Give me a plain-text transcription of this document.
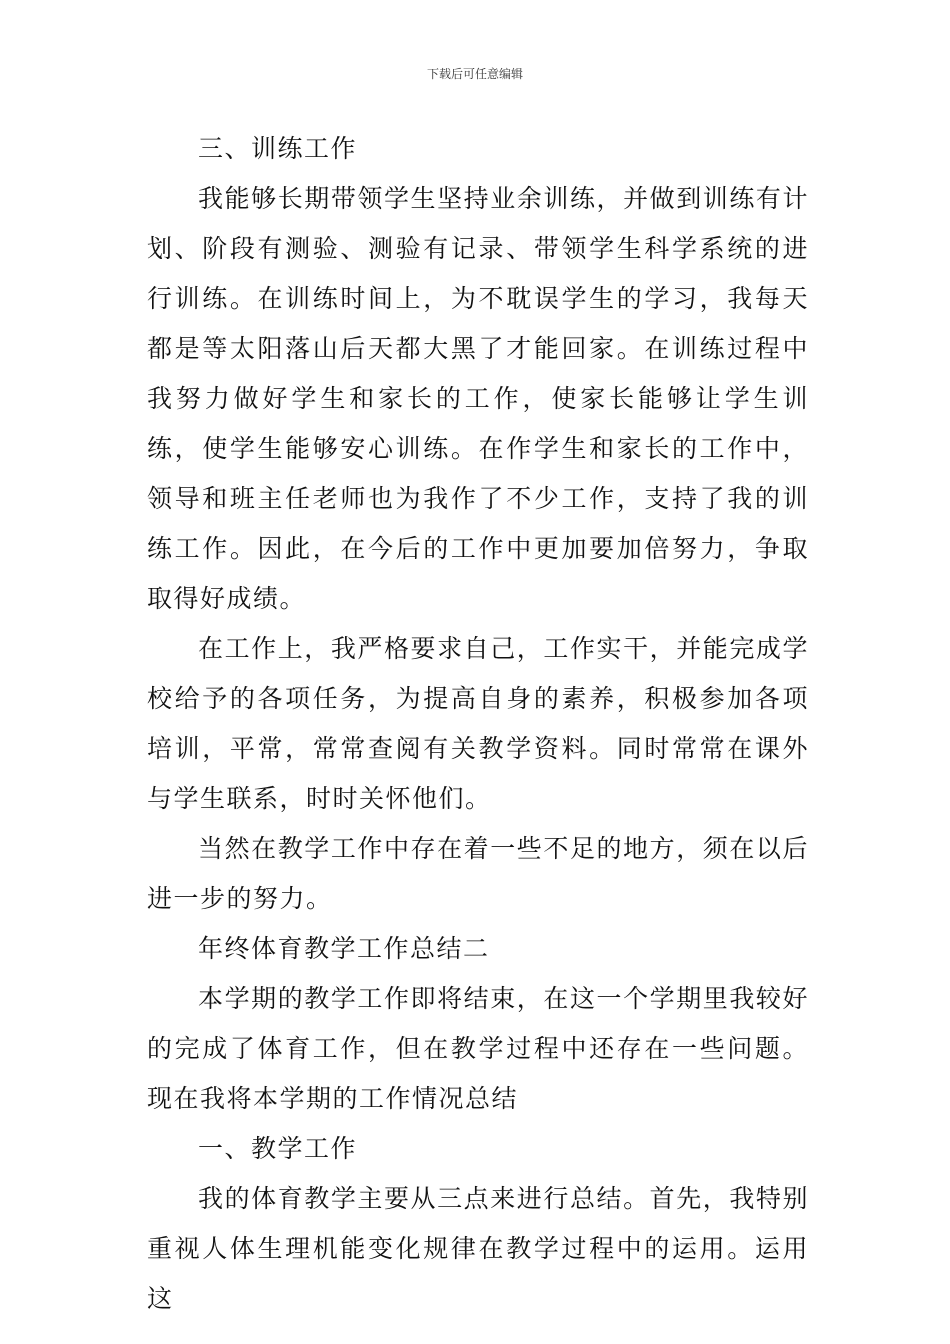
下载后可任意编辑

三、训练工作

我能够长期带领学生坚持业余训练，并做到训练有计划、阶段有测验、测验有记录、带领学生科学系统的进行训练。在训练时间上，为不耽误学生的学习，我每天都是等太阳落山后天都大黑了才能回家。在训练过程中我努力做好学生和家长的工作，使家长能够让学生训练，使学生能够安心训练。在作学生和家长的工作中，领导和班主任老师也为我作了不少工作，支持了我的训练工作。因此，在今后的工作中更加要加倍努力，争取取得好成绩。

在工作上，我严格要求自己，工作实干，并能完成学校给予的各项任务，为提高自身的素养，积极参加各项培训，平常，常常查阅有关教学资料。同时常常在课外与学生联系，时时关怀他们。

当然在教学工作中存在着一些不足的地方，须在以后进一步的努力。

年终体育教学工作总结二

本学期的教学工作即将结束，在这一个学期里我较好的完成了体育工作，但在教学过程中还存在一些问题。现在我将本学期的工作情况总结

一、教学工作

我的体育教学主要从三点来进行总结。首先，我特别重视人体生理机能变化规律在教学过程中的运用。运用这
